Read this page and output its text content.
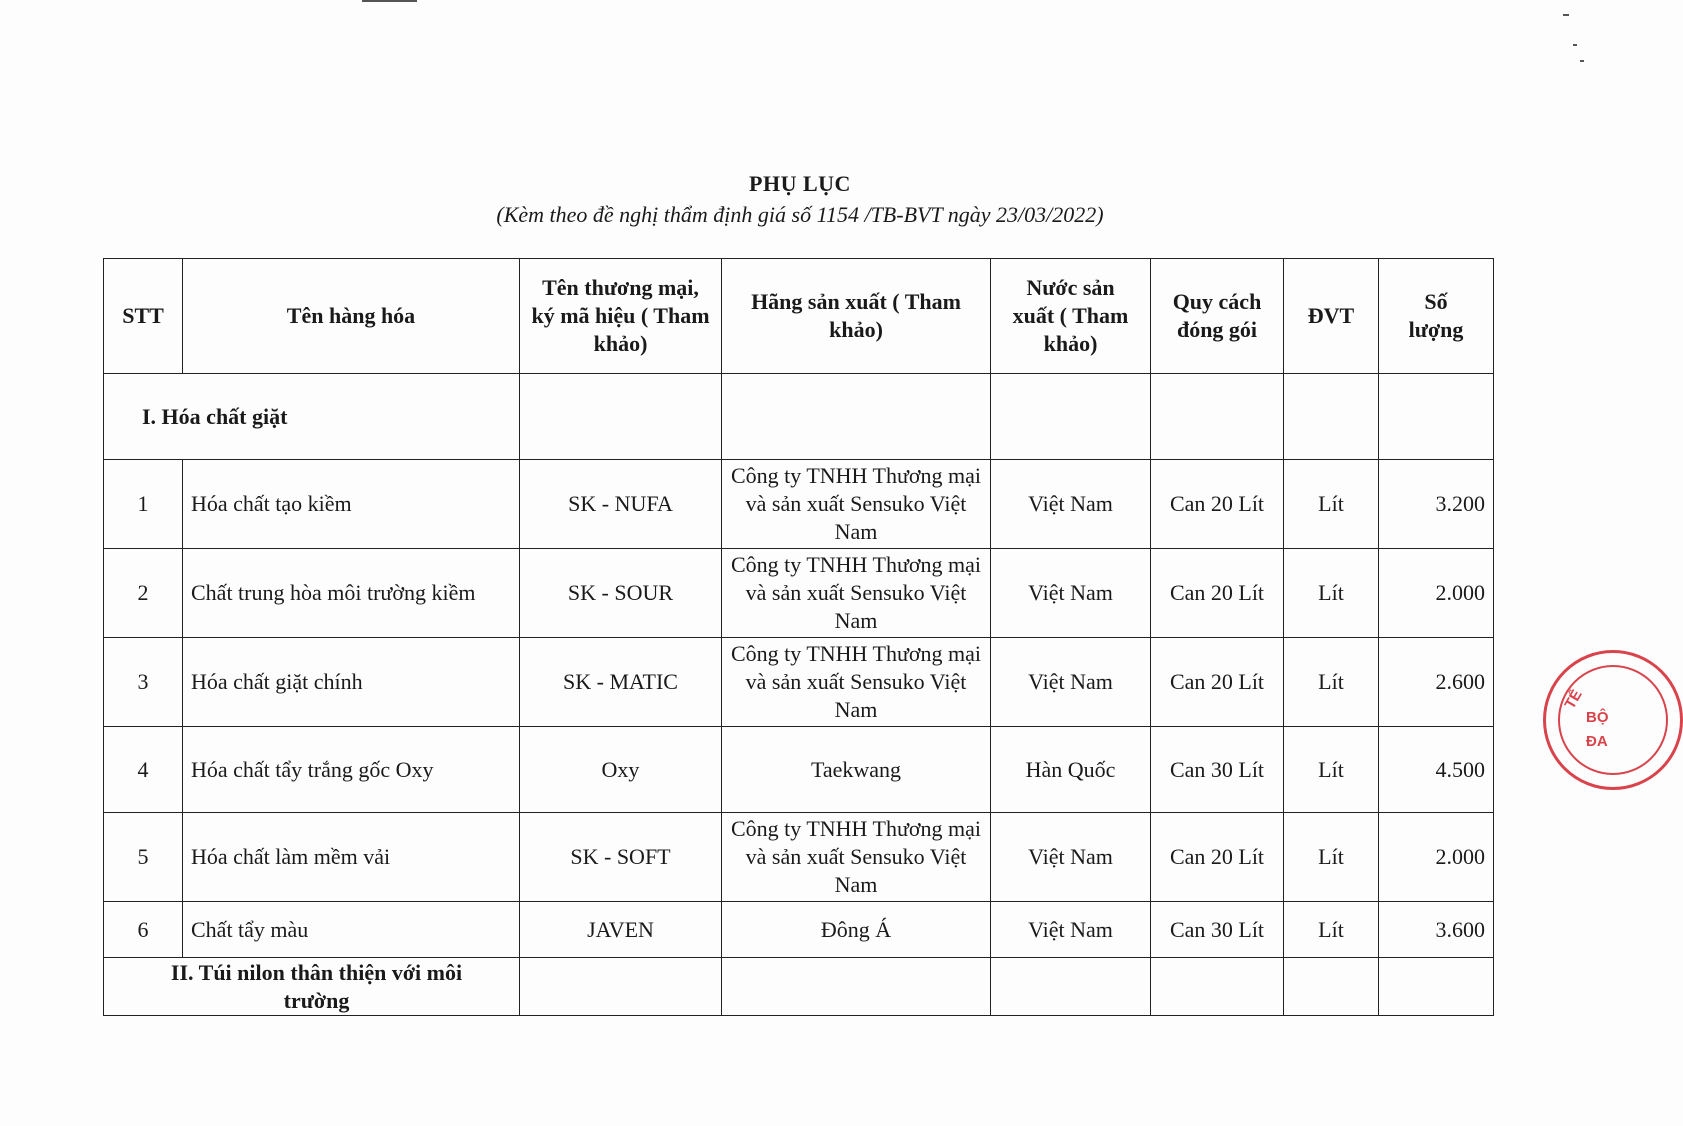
PHỤ LỤC
(Kèm theo đề nghị thẩm định giá số 1154 /TB-BVT ngày 23/03/2022)
STT	Tên hàng hóa	Tên thương mại, ký mã hiệu ( Tham khảo)	Hãng sản xuất ( Tham khảo)	Nước sản xuất ( Tham khảo)	Quy cách đóng gói	ĐVT	Số lượng
I. Hóa chất giặt							
1	Hóa chất tạo kiềm	SK - NUFA	Công ty TNHH Thương mại và sản xuất Sensuko Việt Nam	Việt Nam	Can 20 Lít	Lít	3.200
2	Chất trung hòa môi trường kiềm	SK - SOUR	Công ty TNHH Thương mại và sản xuất Sensuko Việt Nam	Việt Nam	Can 20 Lít	Lít	2.000
3	Hóa chất giặt chính	SK - MATIC	Công ty TNHH Thương mại và sản xuất Sensuko Việt Nam	Việt Nam	Can 20 Lít	Lít	2.600
4	Hóa chất tẩy trắng gốc Oxy	Oxy	Taekwang	Hàn Quốc	Can 30 Lít	Lít	4.500
5	Hóa chất làm mềm vải	SK - SOFT	Công ty TNHH Thương mại và sản xuất Sensuko Việt Nam	Việt Nam	Can 20 Lít	Lít	2.000
6	Chất tẩy màu	JAVEN	Đông Á	Việt Nam	Can 30 Lít	Lít	3.600
II. Túi nilon thân thiện với môi trường							
TẾ
BỘ
ĐA
